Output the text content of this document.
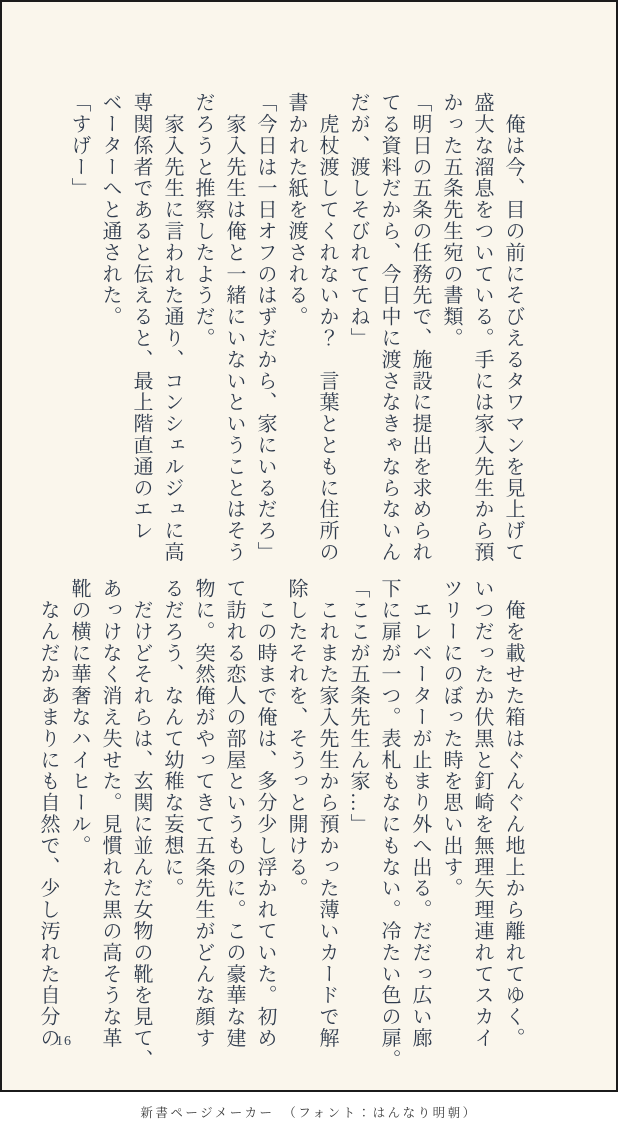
　俺は今、目の前にそびえるタワマンを見上げて
盛大な溜息をついている。手には家入先生から預
かった五条先生宛の書類。
「明日の五条の任務先で、施設に提出を求められ
てる資料だから、今日中に渡さなきゃならないん
だが、渡しそびれててね」
　虎杖渡してくれないか？　言葉とともに住所の
書かれた紙を渡される。
「今日は一日オフのはずだから、家にいるだろ」
　家入先生は俺と一緒にいないということはそう
だろうと推察したようだ。
　家入先生に言われた通り、コンシェルジュに高
専関係者であると伝えると、最上階直通のエレ
ベーターへと通された。
「すげー」
　俺を載せた箱はぐんぐん地上から離れてゆく。
いつだったか伏黒と釘崎を無理矢理連れてスカイ
ツリーにのぼった時を思い出す。
　エレベーターが止まり外へ出る。だだっ広い廊
下に扉が一つ。表札もなにもない。冷たい色の扉。
「ここが五条先生ん家…」
　これまた家入先生から預かった薄いカードで解
除したそれを、そうっと開ける。
　この時まで俺は、多分少し浮かれていた。初め
て訪れる恋人の部屋というものに。この豪華な建
物に。突然俺がやってきて五条先生がどんな顔す
るだろう、なんて幼稚な妄想に。
　だけどそれらは、玄関に並んだ女物の靴を見て、
あっけなく消え失せた。見慣れた黒の高そうな革
靴の横に華奢なハイヒール。
　なんだかあまりにも自然で、少し汚れた自分の
16
新書ページメーカー　（フォント：はんなり明朝）
